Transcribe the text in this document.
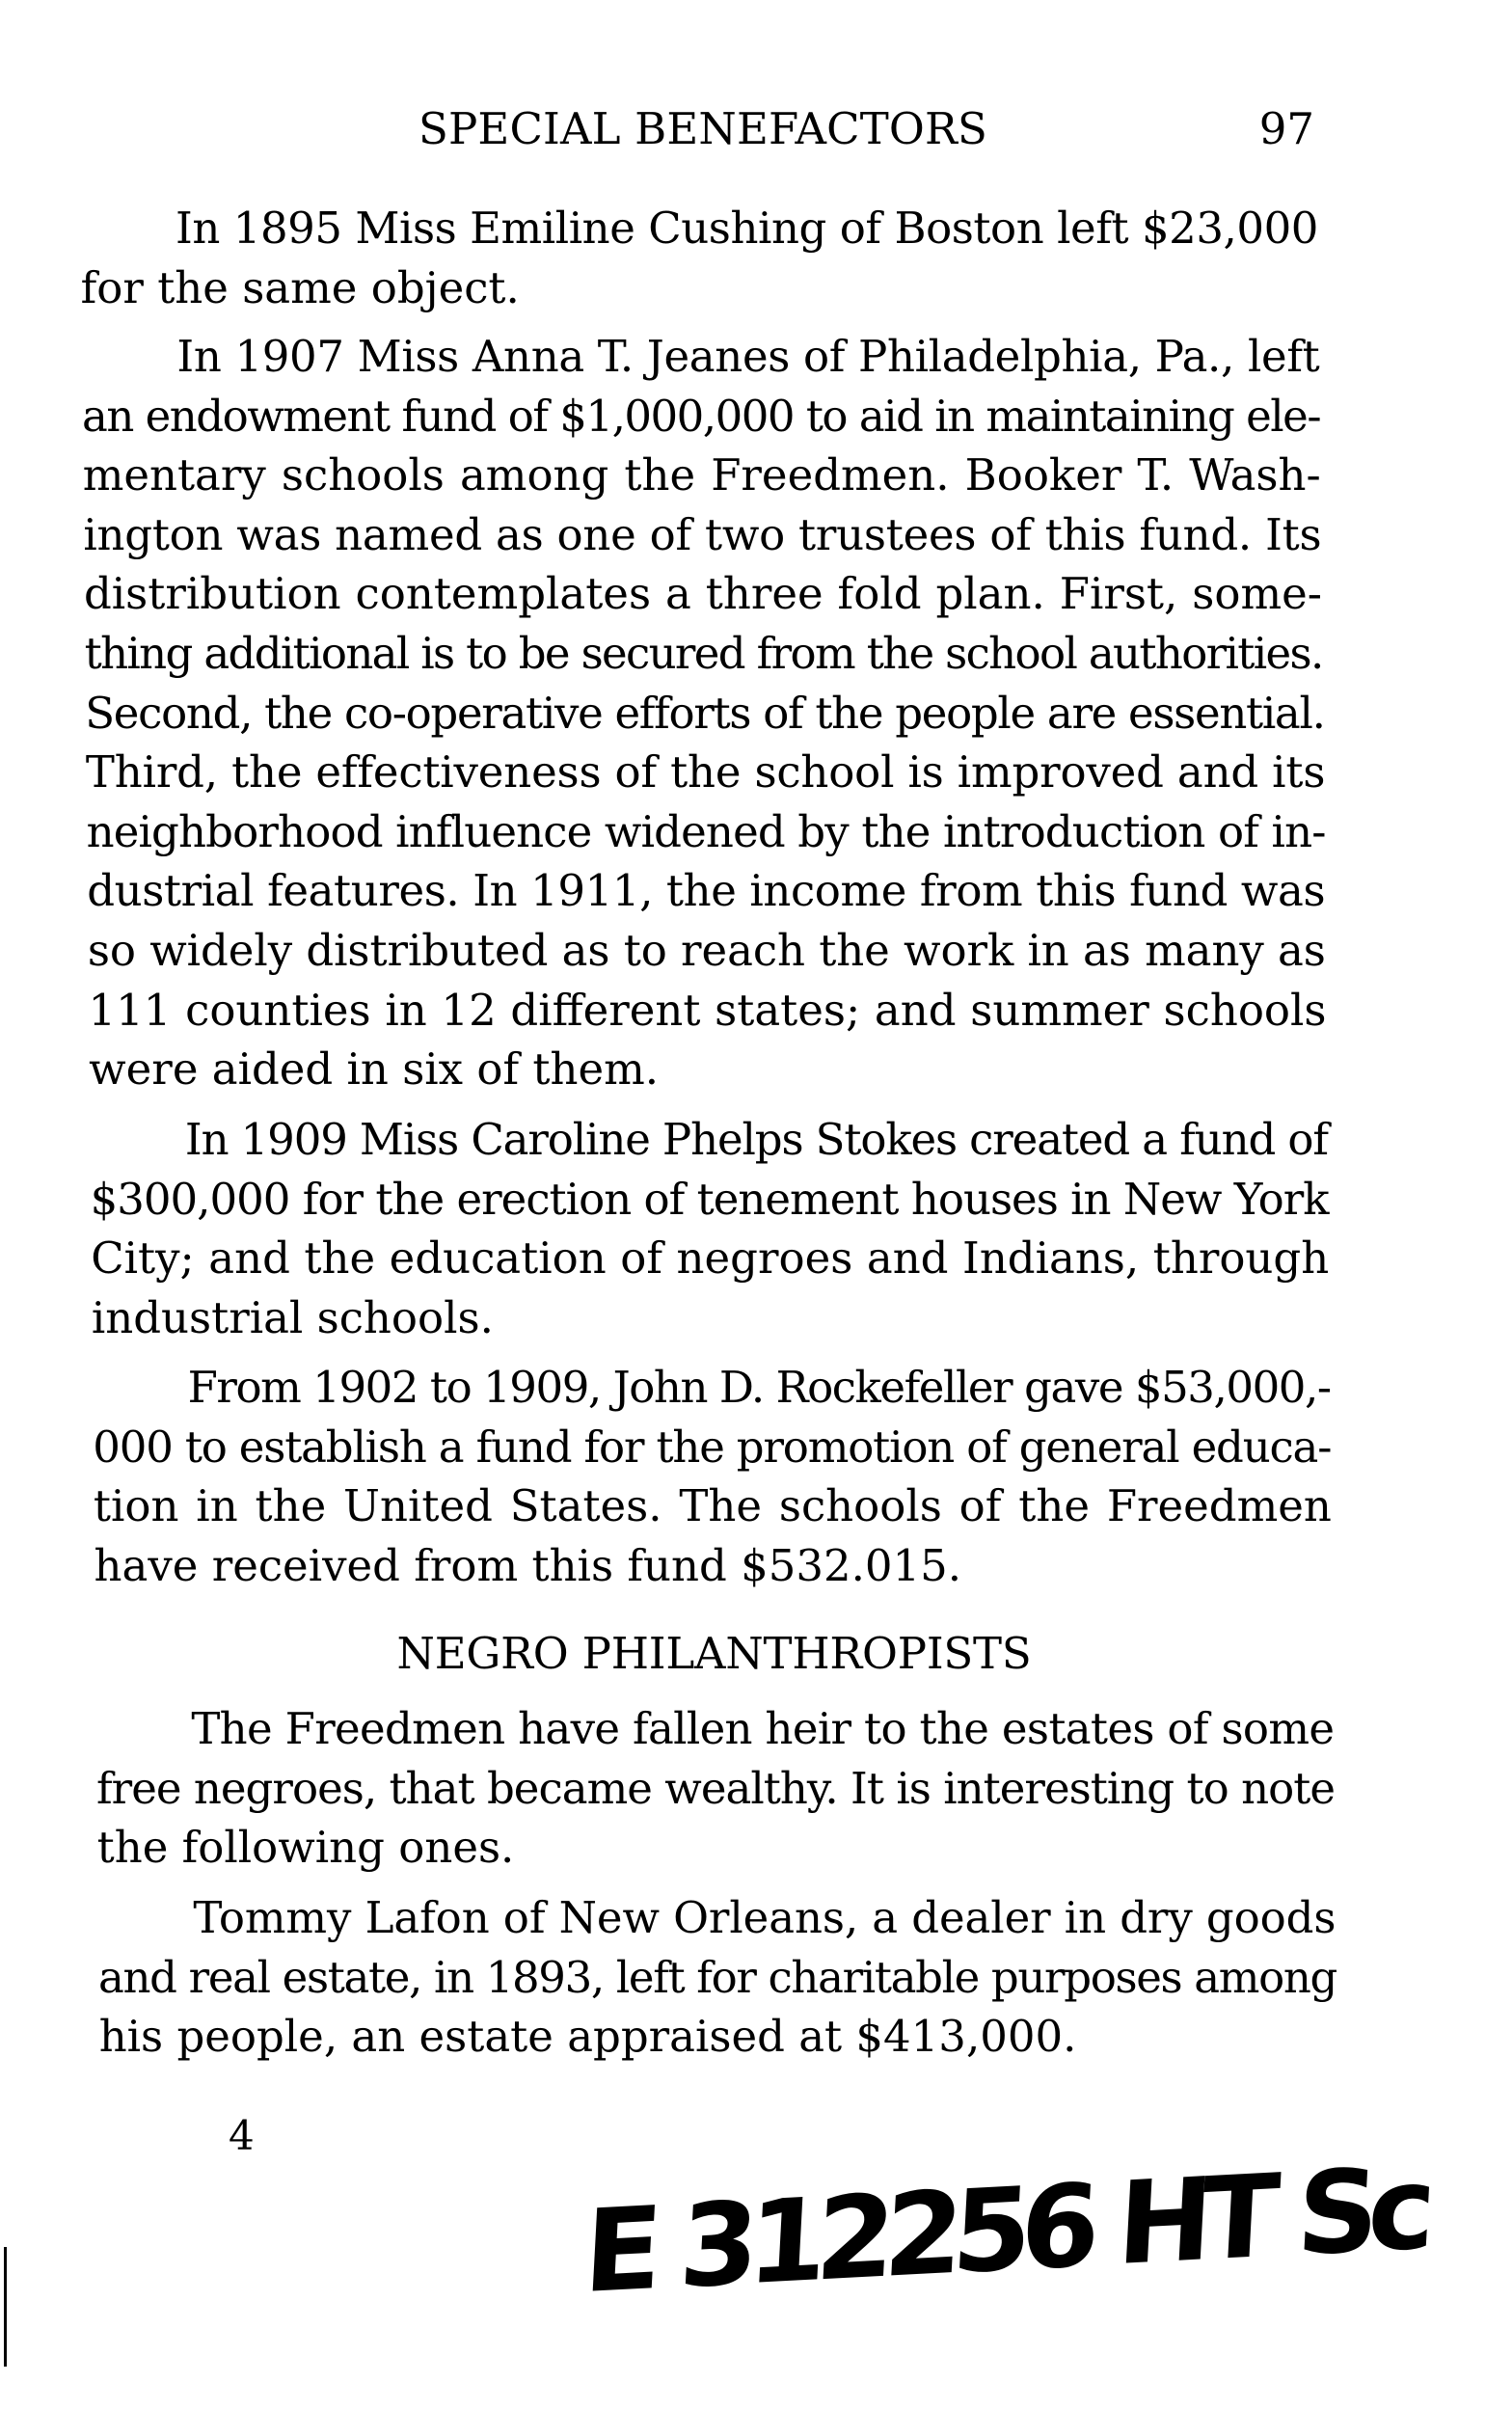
SPECIAL BENEFACTORS	97
In 1895 Miss Emiline Cushing of Boston left $23,000
for the same object.
In 1907 Miss Anna T. Jeanes of Philadelphia, Pa., left
an endowment fund of $1,000,000 to aid in maintaining ele-
mentary schools among the Freedmen. Booker T. Wash-
ington was named as one of two trustees of this fund. Its
distribution contemplates a three fold plan. First, some-
thing additional is to be secured from the school authorities.
Second, the co-operative efforts of the people are essential.
Third, the effectiveness of the school is improved and its
neighborhood influence widened by the introduction of in-
dustrial features. In 1911, the income from this fund was
so widely distributed as to reach the work in as many as
111 counties in 12 different states; and summer schools
were aided in six of them.
In 1909 Miss Caroline Phelps Stokes created a fund of
$300,000 for the erection of tenement houses in New York
City; and the education of negroes and Indians, through
industrial schools.
From 1902 to 1909, John D. Rockefeller gave $53,000,-
000 to establish a fund for the promotion of general educa-
tion in the United States. The schools of the Freedmen
have received from this fund $532.015.
NEGRO PHILANTHROPISTS
The Freedmen have fallen heir to the estates of some
free negroes, that became wealthy. It is interesting to note
the following ones.
Tommy Lafon of New Orleans, a dealer in dry goods
and real estate, in 1893, left for charitable purposes among
his people, an estate appraised at $413,000.
4
E 312256 HT Sc
